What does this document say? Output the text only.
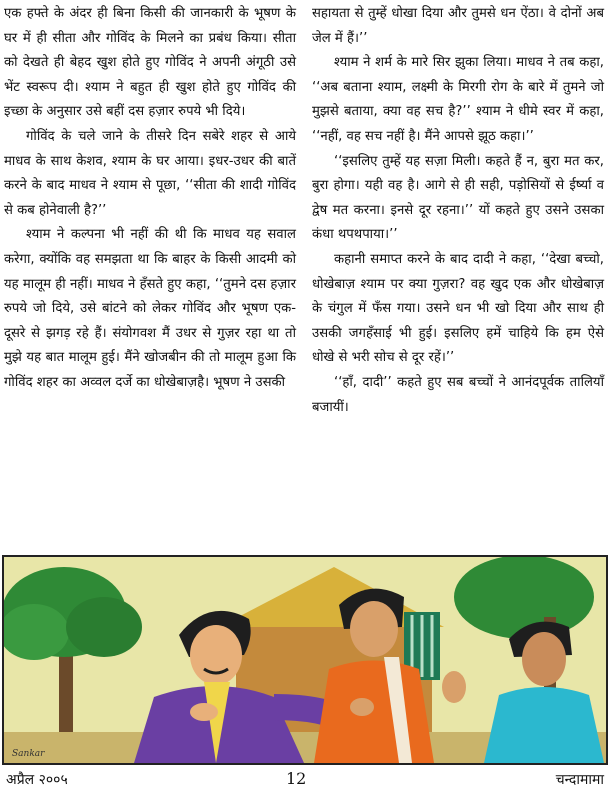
एक हफ्ते के अंदर ही बिना किसी की जानकारी के भूषण के घर में ही सीता और गोविंद के मिलने का प्रबंध किया। सीता को देखते ही बेहद खुश होते हुए गोविंद ने अपनी अंगूठी उसे भेंट स्वरूप दी। श्याम ने बहुत ही खुश होते हुए गोविंद की इच्छा के अनुसार उसे बहीं दस हज़ार रुपये भी दिये।

गोविंद के चले जाने के तीसरे दिन सबेरे शहर से आये माधव के साथ केशव, श्याम के घर आया। इधर-उधर की बातें करने के बाद माधव ने श्याम से पूछा, ‘‘सीता की शादी गोविंद से कब होनेवाली है?’’

श्याम ने कल्पना भी नहीं की थी कि माधव यह सवाल करेगा, क्योंकि वह समझता था कि बाहर के किसी आदमी को यह मालूम ही नहीं। माधव ने हँसते हुए कहा, ‘‘तुमने दस हज़ार रुपये जो दिये, उसे बांटने को लेकर गोविंद और भूषण एक-दूसरे से झगड़ रहे हैं। संयोगवश मैं उधर से गुज़र रहा था तो मुझे यह बात मालूम हुई। मैंने खोजबीन की तो मालूम हुआ कि गोविंद शहर का अव्वल दर्जे का धोखेबाज़है। भूषण ने उसकी

सहायता से तुम्हें धोखा दिया और तुमसे धन ऐंठा। वे दोनों अब जेल में हैं।’’

श्याम ने शर्म के मारे सिर झुका लिया। माधव ने तब कहा, ‘‘अब बताना श्याम, लक्ष्मी के मिरगी रोग के बारे में तुमने जो मुझसे बताया, क्या वह सच है?’’ श्याम ने धीमे स्वर में कहा, ‘‘नहीं, वह सच नहीं है। मैंने आपसे झूठ कहा।’’

‘‘इसलिए तुम्हें यह सज़ा मिली। कहते हैं न, बुरा मत कर, बुरा होगा। यही वह है। आगे से ही सही, पड़ोसियों से ईर्ष्या व द्वेष मत करना। इनसे दूर रहना।’’ यों कहते हुए उसने उसका कंधा थपथपाया।’’

कहानी समाप्त करने के बाद दादी ने कहा, ‘‘देखा बच्चो, धोखेबाज़ श्याम पर क्या गुज़रा? वह खुद एक और धोखेबाज़ के चंगुल में फँस गया। उसने धन भी खो दिया और साथ ही उसकी जगहँसाई भी हुई। इसलिए हमें चाहिये कि हम ऐसे धोखे से भरी सोच से दूर रहें।’’

‘‘हाँ, दादी’’ कहते हुए सब बच्चों ने आनंदपूर्वक तालियाँ बजायीं।

Sankar
अप्रैल २००५	12	चन्दामामा
